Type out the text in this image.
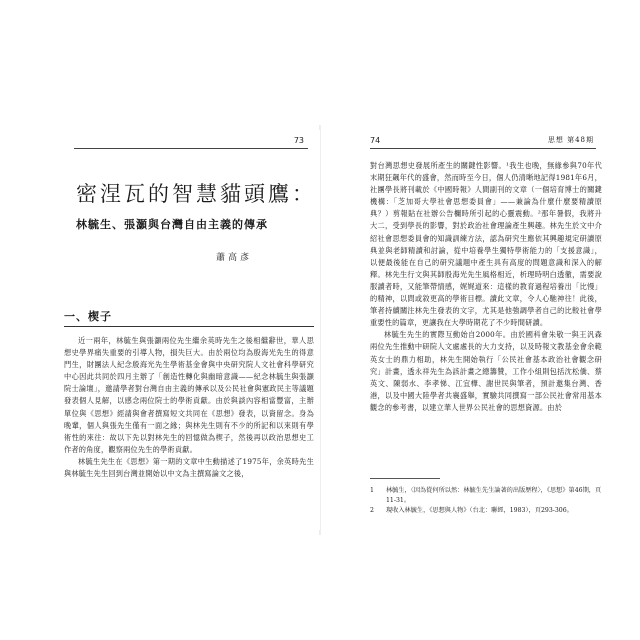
73
密涅瓦的智慧貓頭鷹：
林毓生、張灝與台灣自由主義的傳承
蕭高彥
一、楔子

近一兩年，林毓生與張灝兩位先生繼余英時先生之後相繼辭世，華人思想史學界痛失重要的引導人物，損失巨大。由於兩位均為殷海光先生的得意門生，財團法人紀念殷海光先生學術基金會與中央研究院人文社會科學研究中心因此共同於四月主辦了「創造性轉化與幽暗意識——紀念林毓生與張灝院士論壇」，邀請學者對台灣自由主義的傳承以及公民社會與憲政民主等議題發表個人見解，以感念兩位院士的學術貢獻。由於與談內容相當豐富，主辦單位與《思想》經請與會者撰寫短文共同在《思想》發表，以資留念。身為晚輩，個人與張先生僅有一面之緣；與林先生則有不少的所記和以來則有學術性的來往：故以下先以對林先生的回憶做為楔子，然後再以政治思想史工作者的角度，觀察兩位先生的學術貢獻。

林毓生先生在《思想》第一期的文章中生動描述了1975年，余英時先生與林毓生先生回到台灣並開始以中文為主撰寫論文之後，

74	思想 第48期

對台灣思想史發展所產生的關鍵性影響。¹我生也晚，無緣參與70年代末期狂飆年代的盛會，然而時至今日，個人仍清晰地記得1981年6月，社團學長將刊載於《中國時報》人間副刊的文章（一個培育博士的關鍵機構：「芝加哥大學社會思想委員會」——兼論為什麼什麼要精讀原典？）剪報貼在社辦公告欄時所引起的心靈震動。²那年暑假，我將升大二，受到學長的影響，對於政治社會理論產生興趣。林先生於文中介紹社會思想委員會的知識訓練方法，認為研究生應依其興趣規定研讀原典並與老師精讀和討論，從中培養學生獨特學術能力的「支援意識」，以便最後能在自己的研究議題中產生具有高度的問題意識和深入的解釋。林先生行文與其師殷海光先生風格相近，析理時明白透徹，需要說服讀者時，又能筆帶情感，娓娓道來：這樣的教育過程培養出「比慢」的精神，以問或敘更高的學術目標。讀此文章，令人心馳神往！此後，筆者持續關注林先生發表的文字，尤其是他強調學者自己的比較社會學重要性的篇章，更讓我在大學時期花了不少時間研讀。

林毓生先生的實際互動始自2000年。由於國科會朱敬一與王汎森兩位先生推動中研院人文處處長的大力支持，以及時報文教基金會余範英女士的鼎力相助，林先生開始執行「公民社會基本政治社會觀念研究」計畫，透永祥先生為該計畫之總籌贊，工作小組則包括沈松僑、蔡英文、陳弱水、李孝悌、江宜樺、謝世民與筆者，預計邀集台灣、香港，以及中國大陸學者共襄盛舉，實驗共同撰寫一部公民社會常用基本觀念的參考書，以建立華人世界公民社會的思想資源。由於

1	林毓生，〈因為從何所以然：林毓生先生論著的出版歷程〉，《思想》第46期，頁11-31。
2	現收入林毓生，《思想與人物》（台北：聯經，1983），頁293-306。
